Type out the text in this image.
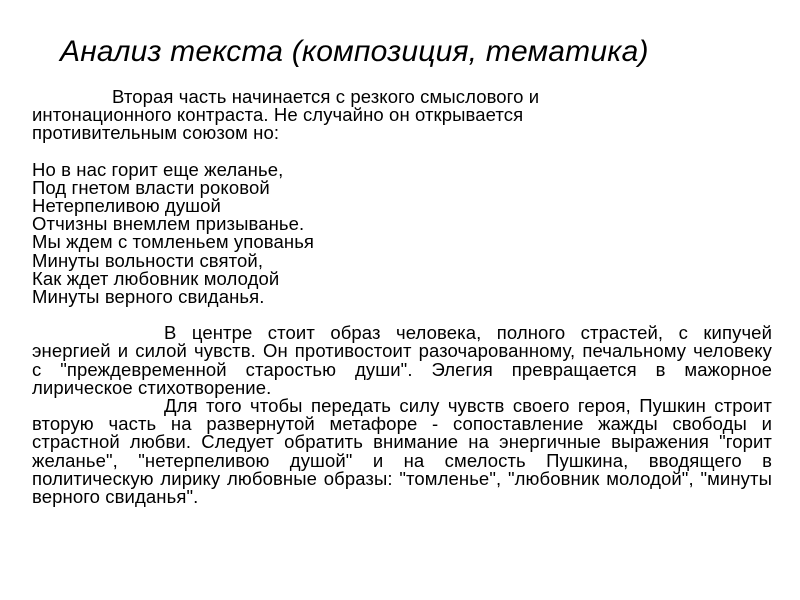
Анализ текста (композиция, тематика)

Вторая часть начинается с резкого смыслового и интонационного контраста. Не случайно он открывается противительным союзом но:

Но в нас горит еще желанье,
Под гнетом власти роковой
Нетерпеливою душой
Отчизны внемлем призыванье.
Мы ждем с томленьем упованья
Минуты вольности святой,
Как ждет любовник молодой
Минуты верного свиданья.

В центре стоит образ человека, полного страстей, с кипучей энергией и силой чувств. Он противостоит разочарованному, печальному человеку с "преждевременной старостью души". Элегия превращается в мажорное лирическое стихотворение.

Для того чтобы передать силу чувств своего героя, Пушкин строит вторую часть на развернутой метафоре - сопоставление жажды свободы и страстной любви. Следует обратить внимание на энергичные выражения "горит желанье", "нетерпеливою душой" и на смелость Пушкина, вводящего в политическую лирику любовные образы: "томленье", "любовник молодой", "минуты верного свиданья".
